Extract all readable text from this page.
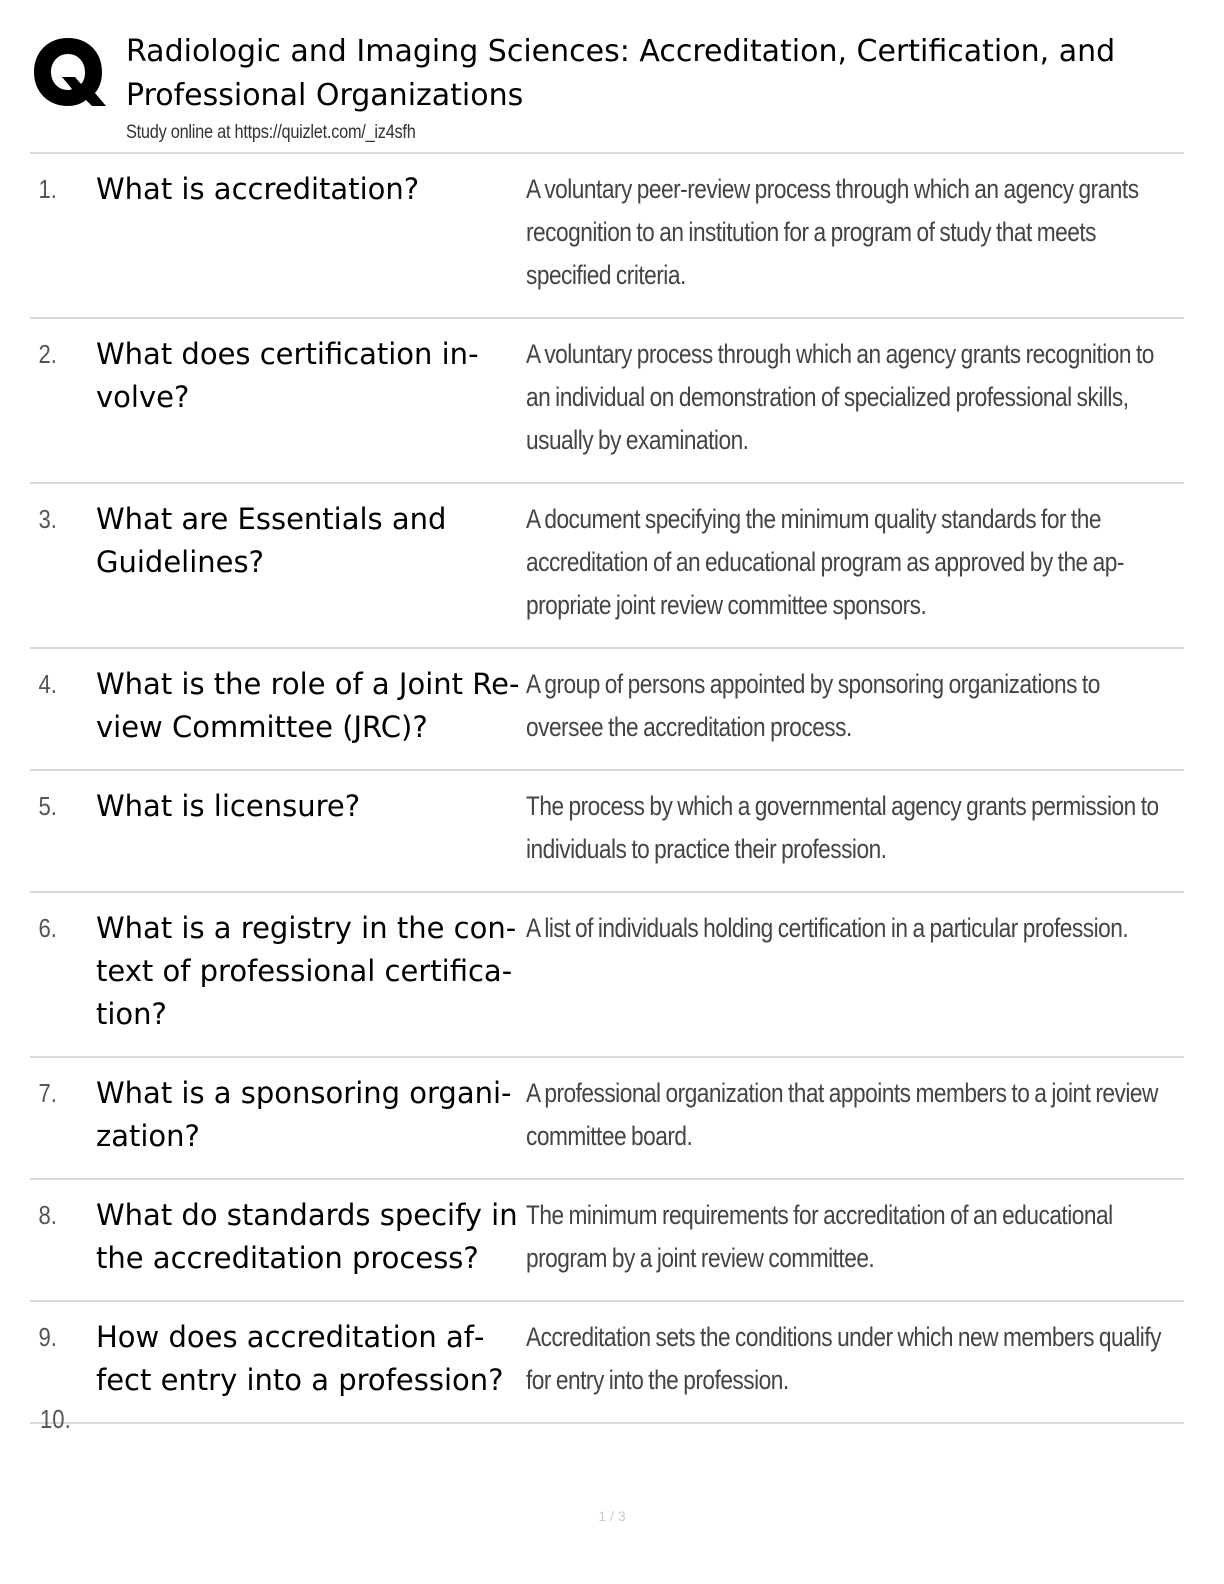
Radiologic and Imaging Sciences: Accreditation, Certification, and Professional Organizations
Study online at https://quizlet.com/_iz4sfh
1.	What is accreditation?	A voluntary peer-review process through which an agency grants recognition to an institution for a program of study that meets specified criteria.
2.	What does certification involve?
A voluntary process through which an agency grants recognition to an individual on demonstration of specialized professional skills, usually by examination.
3.	What are Essentials and Guidelines?
A document specifying the minimum quality standards for the accreditation of an educational program as approved by the appropriate joint review committee sponsors.
4.	What is the role of a Joint Review Committee (JRC)?
A group of persons appointed by sponsoring organizations to oversee the accreditation process.
5.	What is licensure?	The process by which a governmental agency grants permission to individuals to practice their profession.
6.	What is a registry in the context of professional certification?
A list of individuals holding certification in a particular profession.
7.	What is a sponsoring organization?
A professional organization that appoints members to a joint review committee board.
8.	What do standards specify in the accreditation process?
The minimum requirements for accreditation of an educational program by a joint review committee.
9.	How does accreditation affect entry into a profession?
Accreditation sets the conditions under which new members qualify for entry into the profession.
10.
1 / 3
